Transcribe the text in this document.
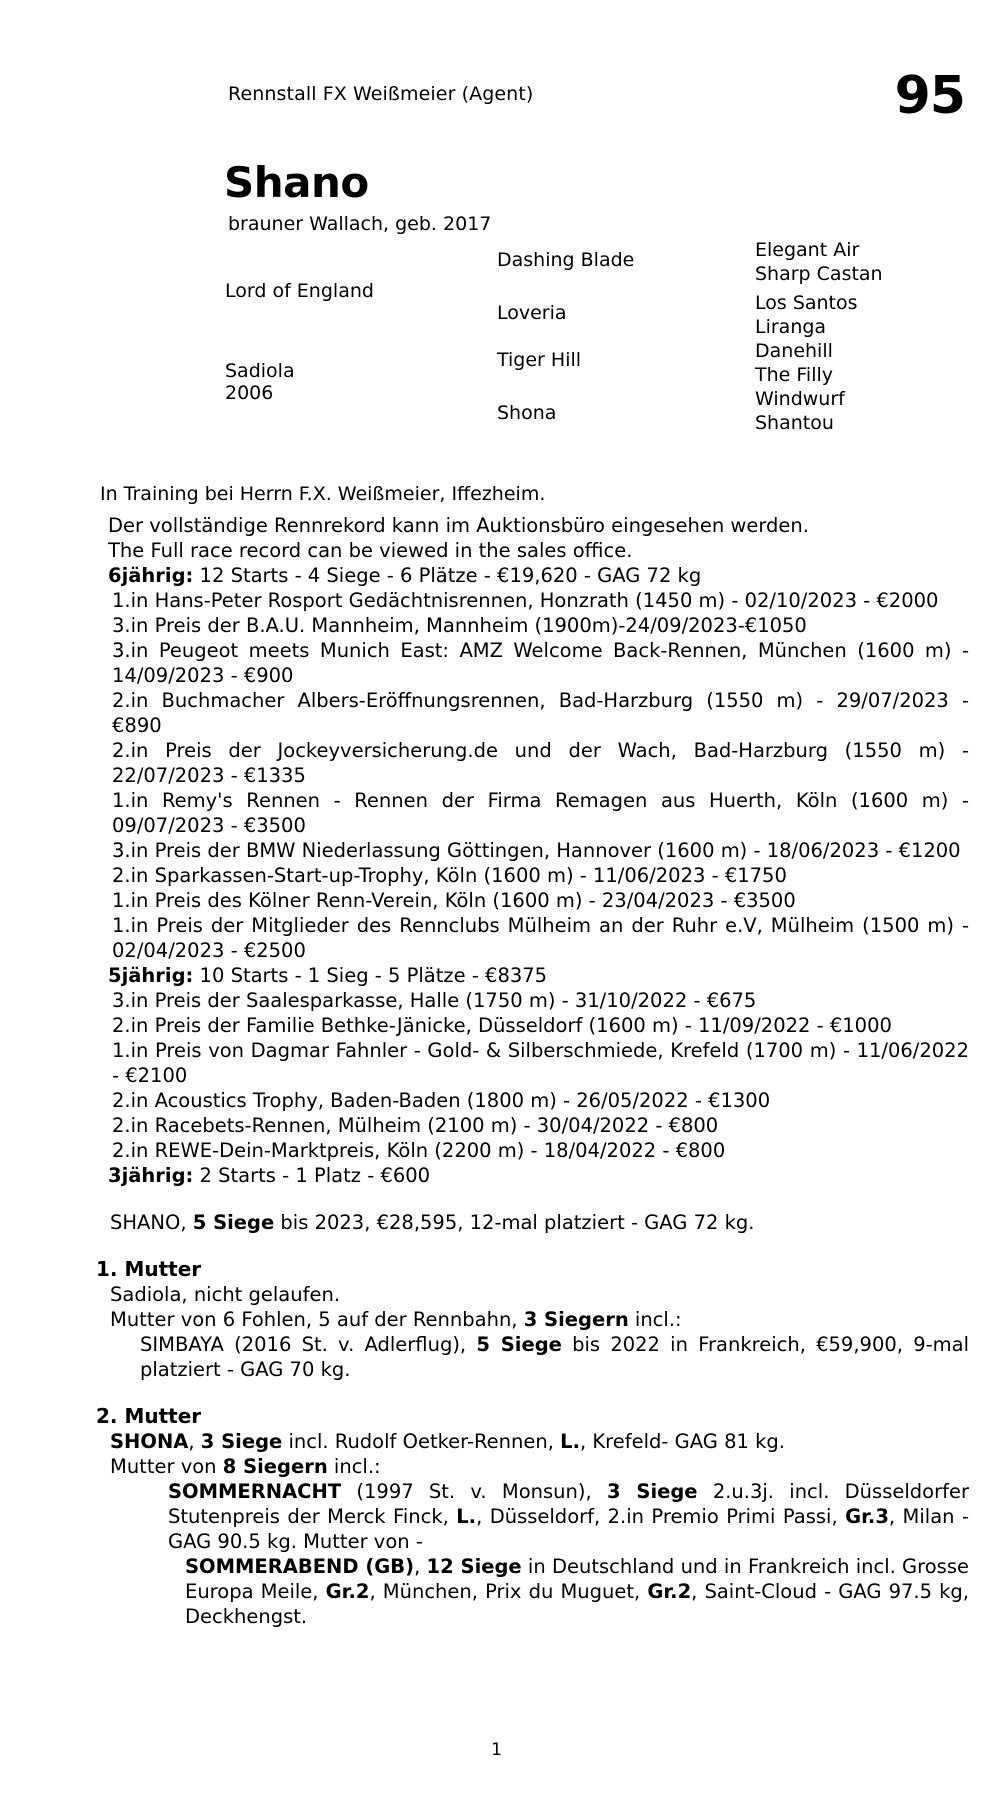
Rennstall FX Weißmeier (Agent)	95
Shano
brauner Wallach, geb. 2017
Lord of England
Sadiola
2006
Dashing Blade
Loveria
Tiger Hill
Shona
Elegant Air
Sharp Castan
Los Santos
Liranga
Danehill
The Filly
Windwurf
Shantou
In Training bei Herrn F.X. Weißmeier, Iffezheim.
Der vollständige Rennrekord kann im Auktionsbüro eingesehen werden.
The Full race record can be viewed in the sales office.
6jährig: 12 Starts - 4 Siege - 6 Plätze - €19,620 - GAG 72 kg
1.in Hans-Peter Rosport Gedächtnisrennen, Honzrath (1450 m) - 02/10/2023 - €2000
3.in Preis der B.A.U. Mannheim, Mannheim (1900m)-24/09/2023-€1050
3.in Peugeot meets Munich East: AMZ Welcome Back-Rennen, München (1600 m) - 14/09/2023 - €900
2.in Buchmacher Albers-Eröffnungsrennen, Bad-Harzburg (1550 m) - 29/07/2023 - €890
2.in Preis der Jockeyversicherung.de und der Wach, Bad-Harzburg (1550 m) - 22/07/2023 - €1335
1.in Remy's Rennen - Rennen der Firma Remagen aus Huerth, Köln (1600 m) - 09/07/2023 - €3500
3.in Preis der BMW Niederlassung Göttingen, Hannover (1600 m) - 18/06/2023 - €1200
2.in Sparkassen-Start-up-Trophy, Köln (1600 m) - 11/06/2023 - €1750
1.in Preis des Kölner Renn-Verein, Köln (1600 m) - 23/04/2023 - €3500
1.in Preis der Mitglieder des Rennclubs Mülheim an der Ruhr e.V, Mülheim (1500 m) - 02/04/2023 - €2500
5jährig: 10 Starts - 1 Sieg - 5 Plätze - €8375
3.in Preis der Saalesparkasse, Halle (1750 m) - 31/10/2022 - €675
2.in Preis der Familie Bethke-Jänicke, Düsseldorf (1600 m) - 11/09/2022 - €1000
1.in Preis von Dagmar Fahnler - Gold- & Silberschmiede, Krefeld (1700 m) - 11/06/2022 - €2100
2.in Acoustics Trophy, Baden-Baden (1800 m) - 26/05/2022 - €1300
2.in Racebets-Rennen, Mülheim (2100 m) - 30/04/2022 - €800
2.in REWE-Dein-Marktpreis, Köln (2200 m) - 18/04/2022 - €800
3jährig: 2 Starts - 1 Platz - €600
SHANO, 5 Siege bis 2023, €28,595, 12-mal platziert - GAG 72 kg.
1. Mutter
Sadiola, nicht gelaufen.
Mutter von 6 Fohlen, 5 auf der Rennbahn, 3 Siegern incl.:
SIMBAYA (2016 St. v. Adlerflug), 5 Siege bis 2022 in Frankreich, €59,900, 9-mal platziert - GAG 70 kg.
2. Mutter
SHONA, 3 Siege incl. Rudolf Oetker-Rennen, L., Krefeld- GAG 81 kg.
Mutter von 8 Siegern incl.:
SOMMERNACHT (1997 St. v. Monsun), 3 Siege 2.u.3j. incl. Düsseldorfer Stutenpreis der Merck Finck, L., Düsseldorf, 2.in Premio Primi Passi, Gr.3, Milan - GAG 90.5 kg. Mutter von -
SOMMERABEND (GB), 12 Siege in Deutschland und in Frankreich incl. Grosse Europa Meile, Gr.2, München, Prix du Muguet, Gr.2, Saint-Cloud - GAG 97.5 kg, Deckhengst.
1
